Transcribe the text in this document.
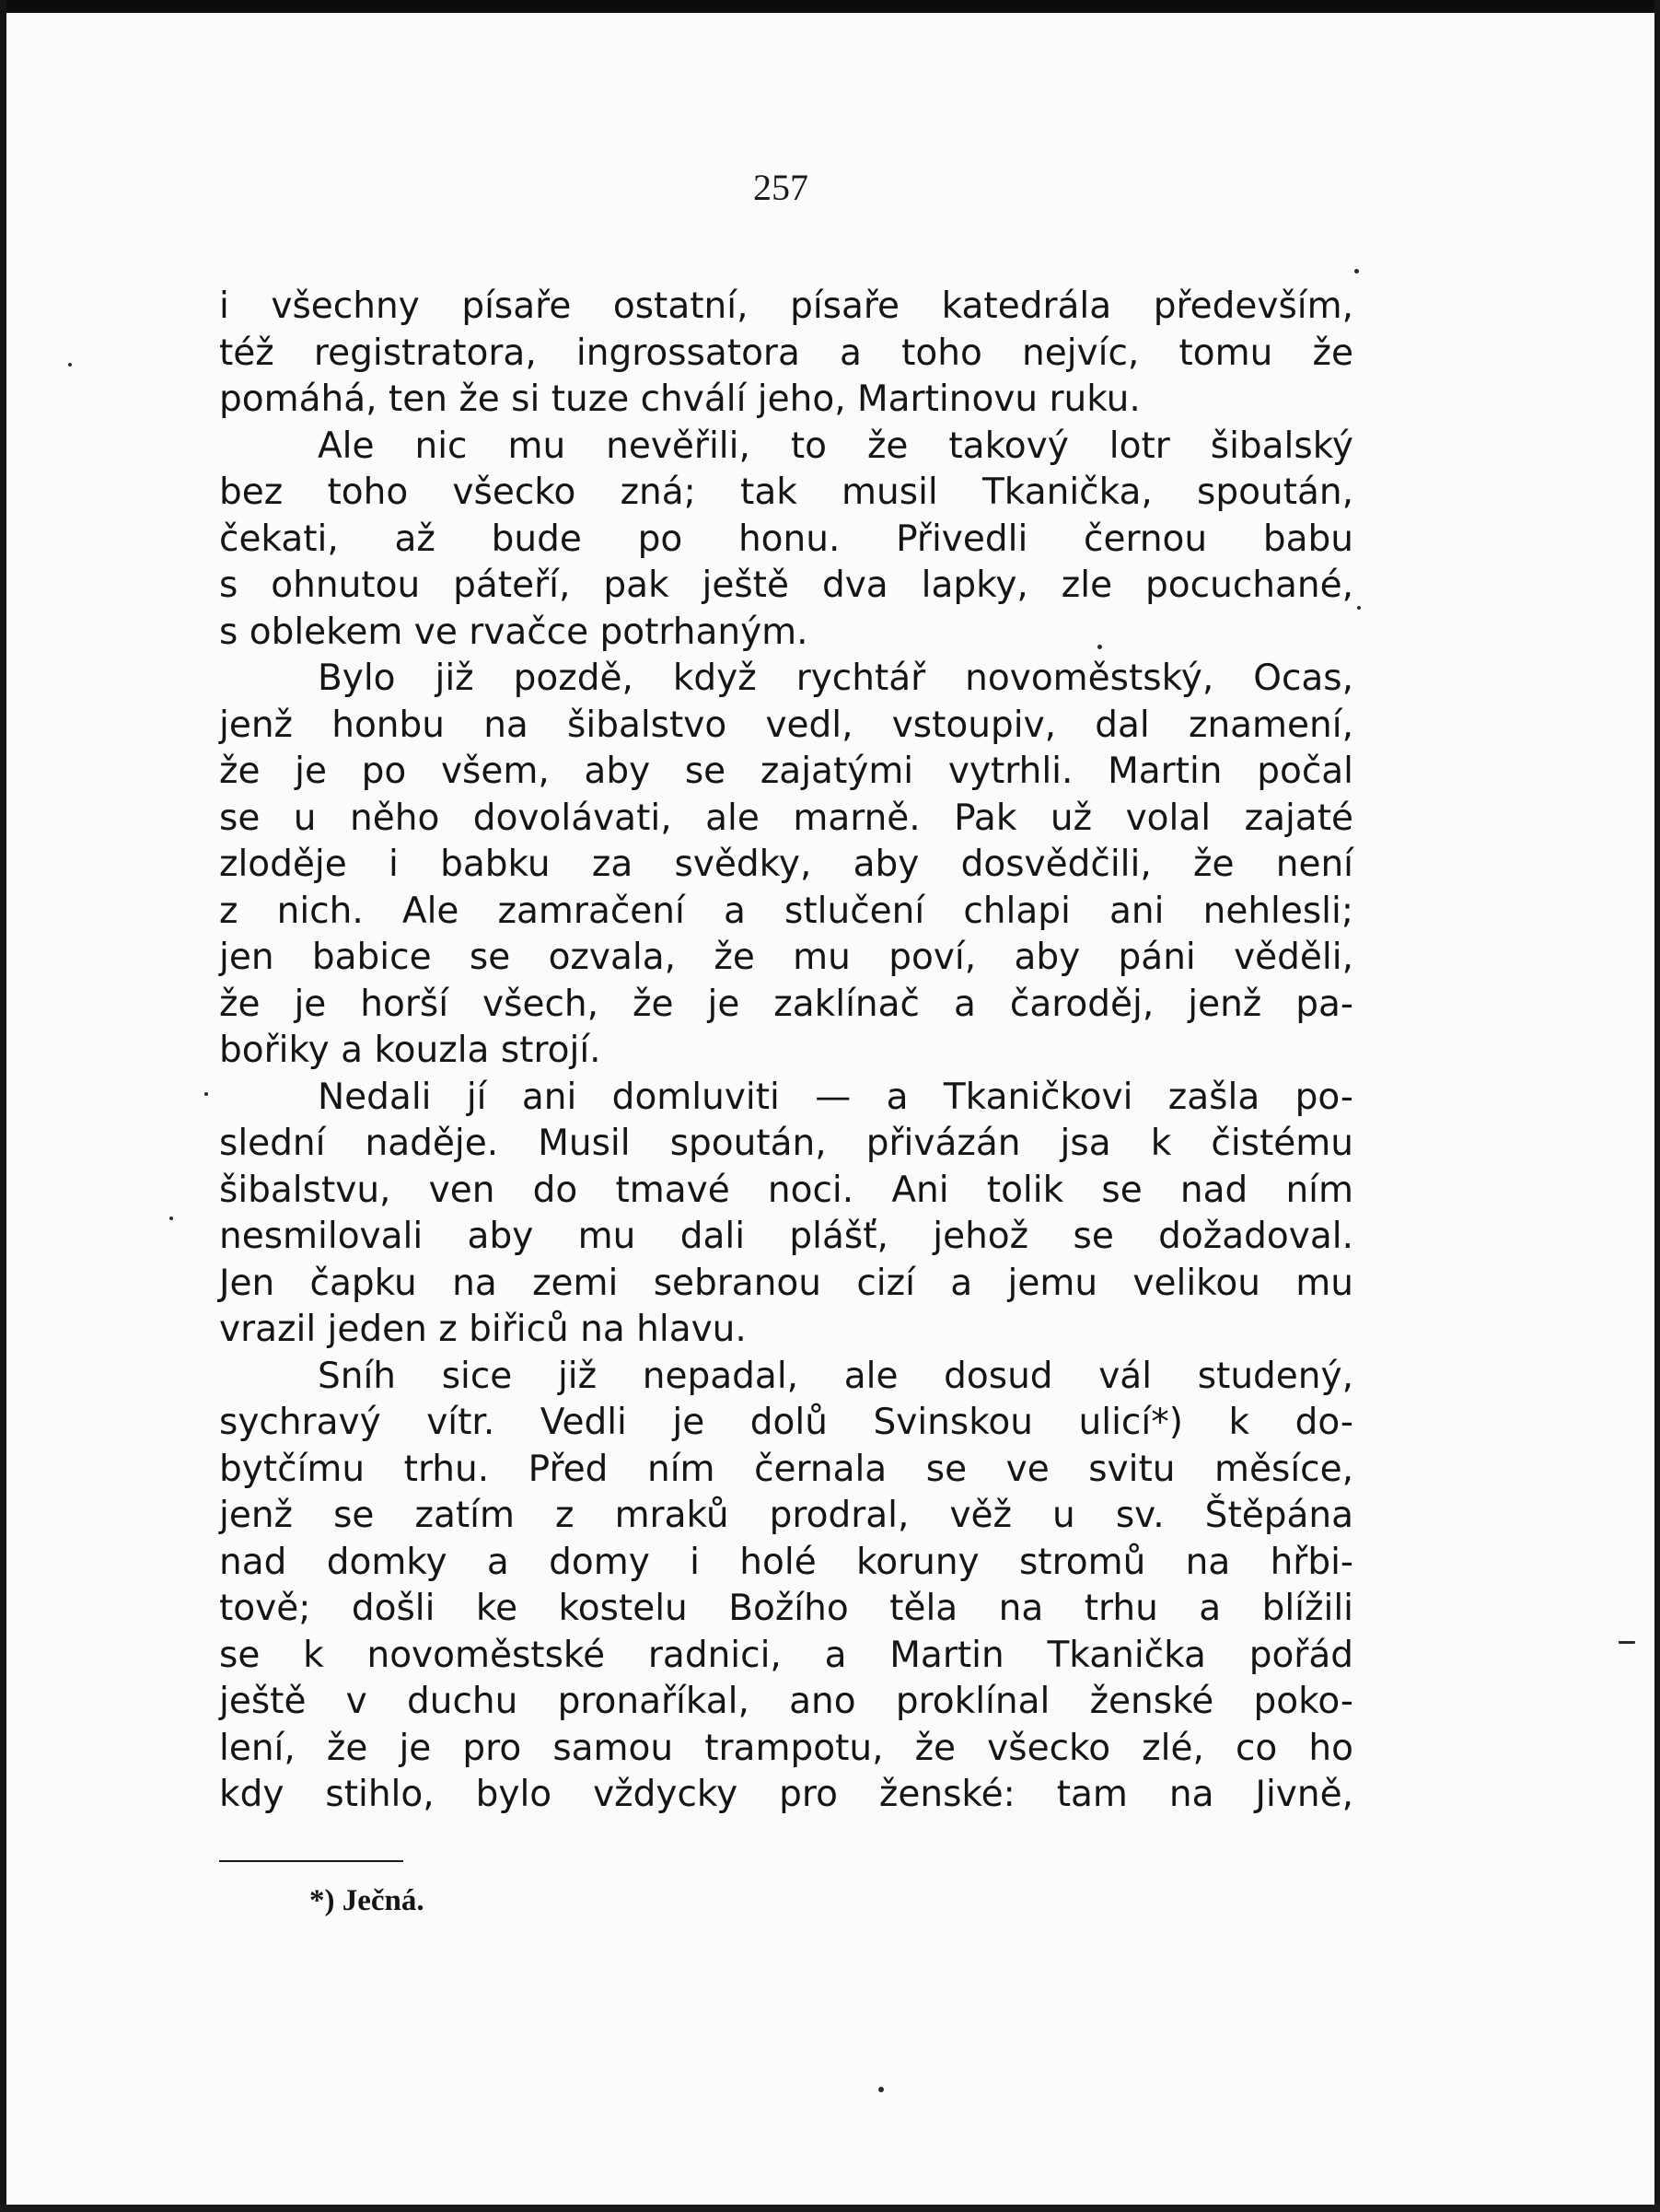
257
i všechny písaře ostatní, písaře katedrála především,
též registratora, ingrossatora a toho nejvíc, tomu že
pomáhá, ten že si tuze chválí jeho, Martinovu ruku.
Ale nic mu nevěřili, to že takový lotr šibalský
bez toho všecko zná; tak musil Tkanička, spoután,
čekati, až bude po honu. Přivedli černou babu
s ohnutou páteří, pak ještě dva lapky, zle pocuchané,
s oblekem ve rvačce potrhaným.
Bylo již pozdě, když rychtář novoměstský, Ocas,
jenž honbu na šibalstvo vedl, vstoupiv, dal znamení,
že je po všem, aby se zajatými vytrhli. Martin počal
se u něho dovolávati, ale marně. Pak už volal zajaté
zloděje i babku za svědky, aby dosvědčili, že není
z nich. Ale zamračení a stlučení chlapi ani nehlesli;
jen babice se ozvala, že mu poví, aby páni věděli,
že je horší všech, že je zaklínač a čaroděj, jenž pa-
bořiky a kouzla strojí.
Nedali jí ani domluviti — a Tkaničkovi zašla po-
slední naděje. Musil spoután, přivázán jsa k čistému
šibalstvu, ven do tmavé noci. Ani tolik se nad ním
nesmilovali aby mu dali plášť, jehož se dožadoval.
Jen čapku na zemi sebranou cizí a jemu velikou mu
vrazil jeden z biřiců na hlavu.
Sníh sice již nepadal, ale dosud vál studený,
sychravý vítr. Vedli je dolů Svinskou ulicí*) k do-
bytčímu trhu. Před ním černala se ve svitu měsíce,
jenž se zatím z mraků prodral, věž u sv. Štěpána
nad domky a domy i holé koruny stromů na hřbi-
tově; došli ke kostelu Božího těla na trhu a blížili
se k novoměstské radnici, a Martin Tkanička pořád
ještě v duchu pronaříkal, ano proklínal ženské poko-
lení, že je pro samou trampotu, že všecko zlé, co ho
kdy stihlo, bylo vždycky pro ženské: tam na Jivně,
*) Ječná.
